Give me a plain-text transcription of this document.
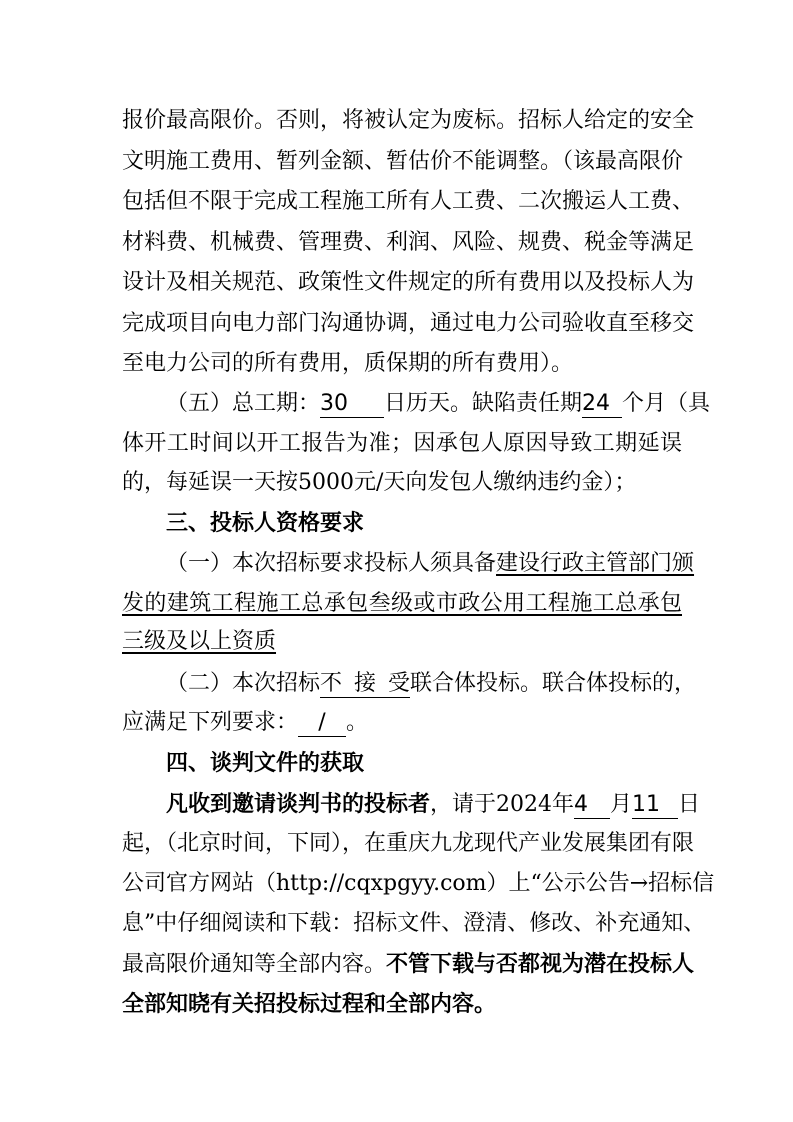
报价最高限价。否则，将被认定为废标。招标人给定的安全
文明施工费用、暂列金额、暂估价不能调整。（该最高限价
包括但不限于完成工程施工所有人工费、二次搬运人工费、
材料费、机械费、管理费、利润、风险、规费、税金等满足
设计及相关规范、政策性文件规定的所有费用以及投标人为
完成项目向电力部门沟通协调，通过电力公司验收直至移交
至电力公司的所有费用，质保期的所有费用）。
（五）总工期：30 日历天。缺陷责任期24 个月（具
体开工时间以开工报告为准；因承包人原因导致工期延误
的，每延误一天按5000元/天向发包人缴纳违约金）；
三、投标人资格要求
（一）本次招标要求投标人须具备建设行政主管部门颁
发的建筑工程施工总承包叁级或市政公用工程施工总承包
三级及以上资质
（二）本次招标不接受联合体投标。联合体投标的，
应满足下列要求： / 。
四、谈判文件的获取
凡收到邀请谈判书的投标者，请于2024年4 月11 日
起，（北京时间，下同），在重庆九龙现代产业发展集团有限
公司官方网站（http://cqxpgyy.com）上“公示公告→招标信
息”中仔细阅读和下载：招标文件、澄清、修改、补充通知、
最高限价通知等全部内容。不管下载与否都视为潜在投标人
全部知晓有关招投标过程和全部内容。
